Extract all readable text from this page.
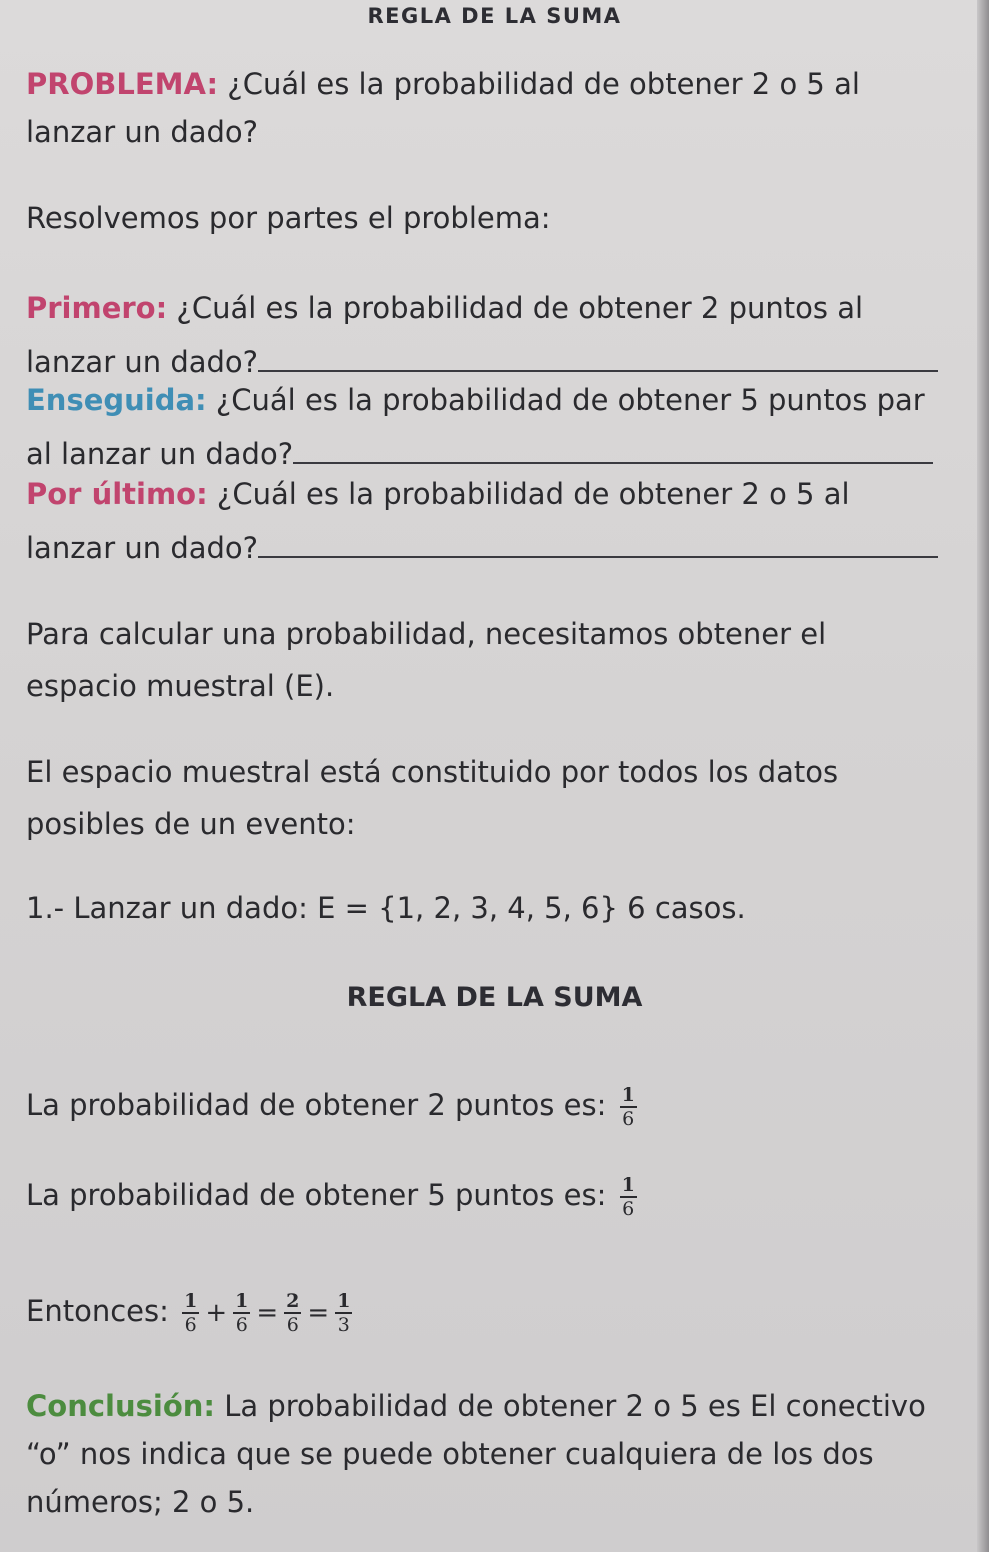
REGLA DE LA SUMA
PROBLEMA: ¿Cuál es la probabilidad de obtener 2 o 5 al
lanzar un dado?
Resolvemos por partes el problema:
Primero: ¿Cuál es la probabilidad de obtener 2 puntos al
lanzar un dado?
Enseguida: ¿Cuál es la probabilidad de obtener 5 puntos par
al lanzar un dado?
Por último: ¿Cuál es la probabilidad de obtener 2 o 5 al
lanzar un dado?
Para calcular una probabilidad, necesitamos obtener el
espacio muestral (E).
El espacio muestral está constituido por todos los datos
posibles de un evento:
1.- Lanzar un dado: E = {1, 2, 3, 4, 5, 6} 6 casos.
REGLA DE LA SUMA
La probabilidad de obtener 2 puntos es: $\frac{1}{6}$
La probabilidad de obtener 5 puntos es: $\frac{1}{6}$
Entonces: $\frac{1}{6} + \frac{1}{6} = \frac{2}{6} = \frac{1}{3}$
Conclusión: La probabilidad de obtener 2 o 5 es El conectivo
“o” nos indica que se puede obtener cualquiera de los dos
números; 2 o 5.
